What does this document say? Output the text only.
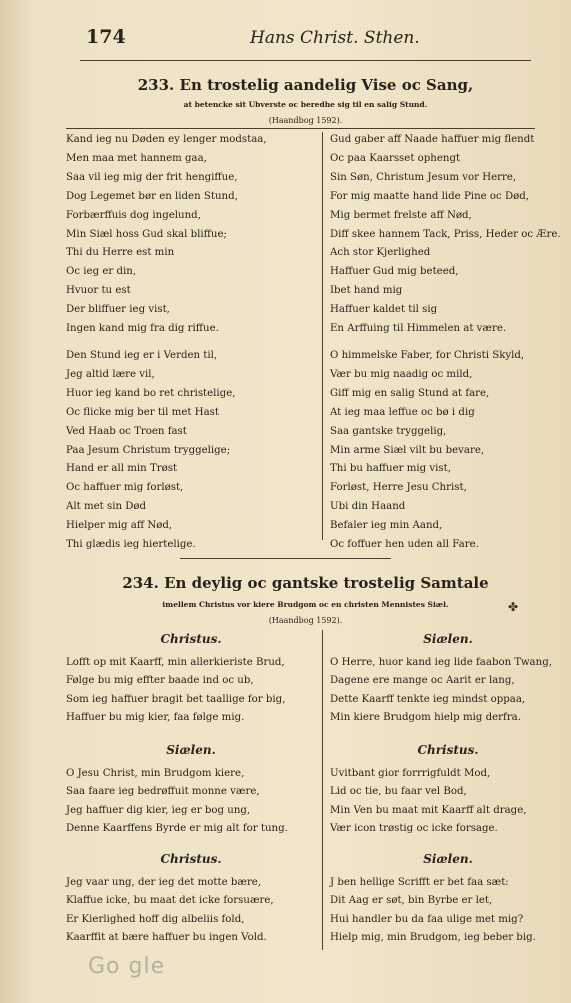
174	Hans Christ. Sthen.
233. En trostelig aandelig Vise oc Sang,
at betencke sit Ubverste oc beredhe sig til en salig Stund.
(Haandbog 1592).
Kand ieg nu Døden ey lenger modstaa,
Men maa met hannem gaa,
Saa vil ieg mig der frit hengiffue,
Dog Legemet bør en liden Stund,
Forbærffuis dog ingelund,
Min Siæl hoss Gud skal bliffue;
Thi du Herre est min
Oc ieg er din,
Hvuor tu est
Der bliffuer ieg vist,
Ingen kand mig fra dig riffue.
Den Stund ieg er i Verden til,
Jeg altid lære vil,
Huor ieg kand bo ret christelige,
Oc flicke mig ber til met Hast
Ved Haab oc Troen fast
Paa Jesum Christum tryggelige;
Hand er all min Trøst
Oc haffuer mig forløst,
Alt met sin Død
Hielper mig aff Nød,
Thi glædis ieg hiertelige.
Gud gaber aff Naade haffuer mig flendt
Oc paa Kaarsset ophengt
Sin Søn, Christum Jesum vor Herre,
For mig maatte hand lide Pine oc Død,
Mig bermet frelste aff Nød,
Diff skee hannem Tack, Priss, Heder oc Ære.
Ach stor Kjerlighed
Haffuer Gud mig beteed,
Ibet hand mig
Haffuer kaldet til sig
En Arffuing til Himmelen at være.
O himmelske Faber, for Christi Skyld,
Vær bu mig naadig oc mild,
Giff mig en salig Stund at fare,
At ieg maa leffue oc bø i dig
Saa gantske tryggelig,
Min arme Siæl vilt bu bevare,
Thi bu haffuer mig vist,
Forløst, Herre Jesu Christ,
Ubi din Haand
Befaler ieg min Aand,
Oc foffuer hen uden all Fare.
234. En deylig oc gantske trostelig Samtale
imellem Christus vor kiere Brudgom oc en christen Mennistes Siæl.
(Haandbog 1592).
✤
Christus.
Lofft op mit Kaarff, min allerkieriste Brud,
Følge bu mig effter baade ind oc ub,
Som ieg haffuer bragit bet taallige for big,
Haffuer bu mig kier, faa følge mig.
Siælen.
O Jesu Christ, min Brudgom kiere,
Saa faare ieg bedrøffuit monne være,
Jeg haffuer dig kier, ieg er bog ung,
Denne Kaarffens Byrde er mig alt for tung.
Christus.
Jeg vaar ung, der ieg det motte bære,
Klaffue icke, bu maat det icke forsuære,
Er Kierlighed hoff dig albeliis fold,
Kaarffit at bære haffuer bu ingen Vold.
Siælen.
O Herre, huor kand ieg lide faabon Twang,
Dagene ere mange oc Aarit er lang,
Dette Kaarff tenkte ieg mindst oppaa,
Min kiere Brudgom hielp mig derfra.
Christus.
Uvitbant gior forrrigfuldt Mod,
Lid oc tie, bu faar vel Bod,
Min Ven bu maat mit Kaarff alt drage,
Vær icon trøstig oc icke forsage.
Siælen.
J ben hellige Scrifft er bet faa sæt:
Dit Aag er søt, bin Byrbe er let,
Hui handler bu da faa ulige met mig?
Hielp mig, min Brudgom, ieg beber big.
Go gle
